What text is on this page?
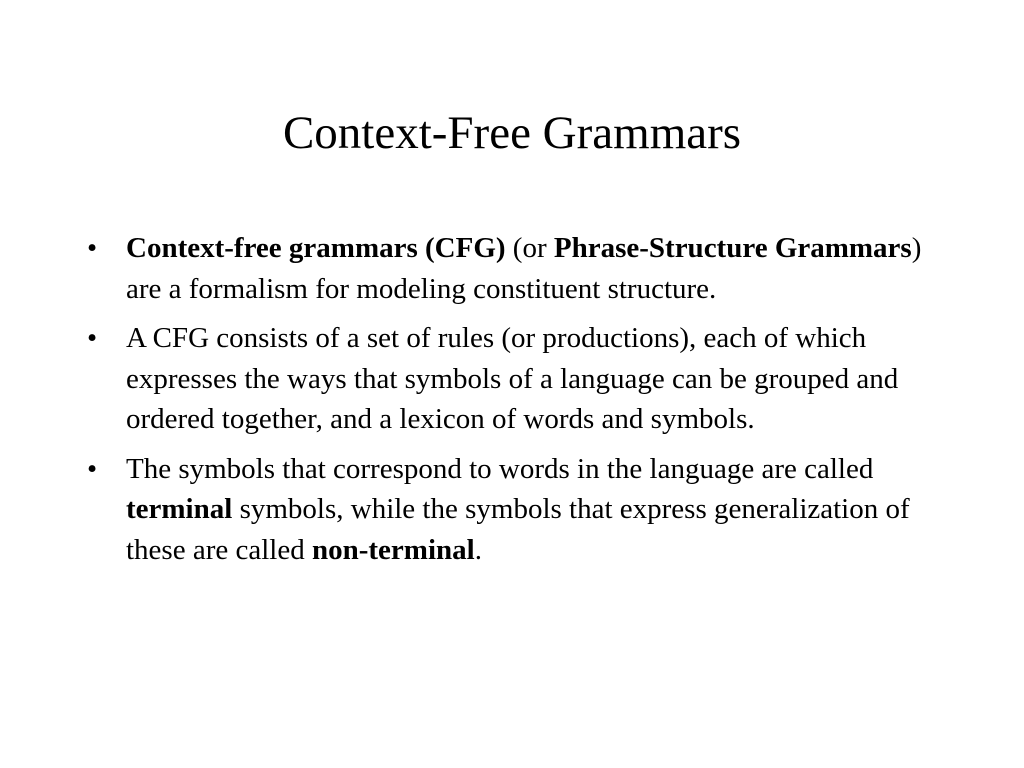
Context-Free Grammars
• Context-free grammars (CFG) (or Phrase-Structure Grammars) are a formalism for modeling constituent structure.
• A CFG consists of a set of rules (or productions), each of which expresses the ways that symbols of a language can be grouped and ordered together, and a lexicon of words and symbols.
• The symbols that correspond to words in the language are called terminal symbols, while the symbols that express generalization of these are called non-terminal.
